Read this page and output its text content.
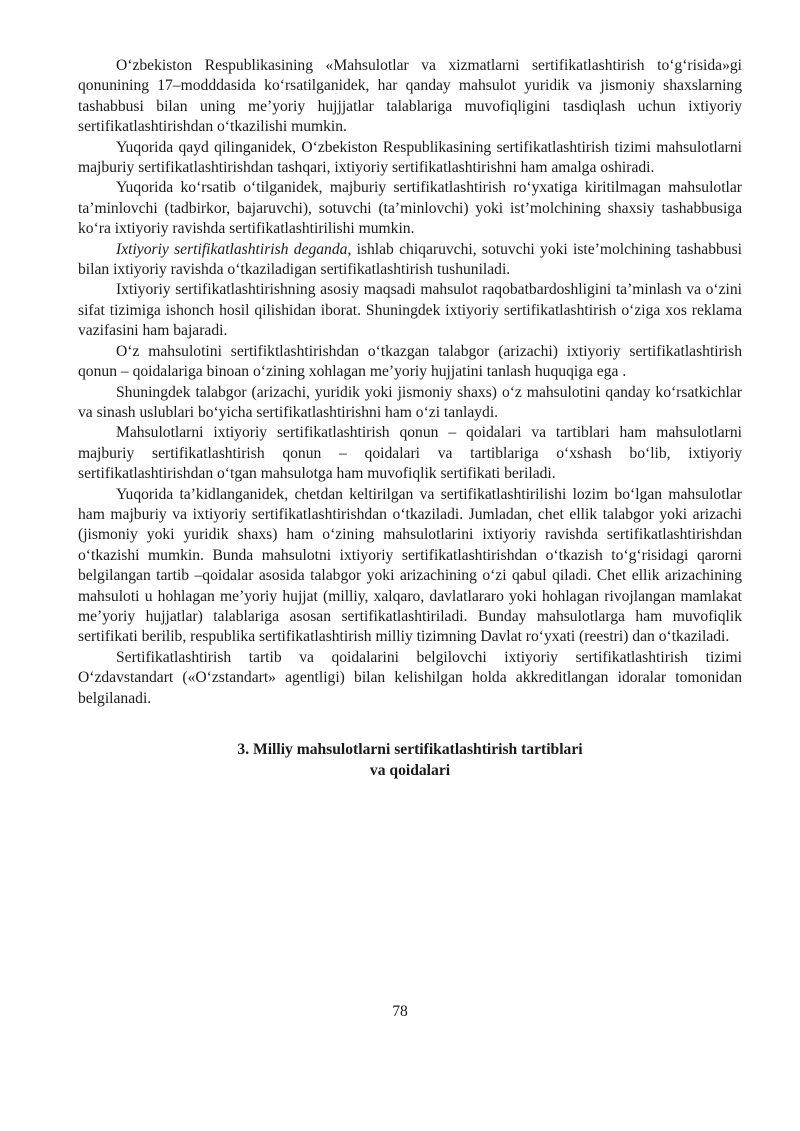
O‘zbekiston Respublikasining «Mahsulotlar va xizmatlarni sertifikatlashtirish to‘g‘risida»gi qonunining 17–modddasida ko‘rsatilganidek, har qanday mahsulot yuridik va jismoniy shaxslarning tashabbusi bilan uning me’yoriy hujjjatlar talablariga muvofiqligini tasdiqlash uchun ixtiyoriy sertifikatlashtirishdan o‘tkazilishi mumkin.

Yuqorida qayd qilinganidek, O‘zbekiston Respublikasining sertifikatlashtirish tizimi mahsulotlarni majburiy sertifikatlashtirishdan tashqari, ixtiyoriy sertifikatlashtirishni ham amalga oshiradi.

Yuqorida ko‘rsatib o‘tilganidek, majburiy sertifikatlashtirish ro‘yxatiga kiritilmagan mahsulotlar ta’minlovchi (tadbirkor, bajaruvchi), sotuvchi (ta’minlovchi) yoki ist’molchining shaxsiy tashabbusiga ko‘ra ixtiyoriy ravishda sertifikatlashtirilishi mumkin.

Ixtiyoriy sertifikatlashtirish deganda, ishlab chiqaruvchi, sotuvchi yoki iste’molchining tashabbusi bilan ixtiyoriy ravishda o‘tkaziladigan sertifikatlashtirish tushuniladi.

Ixtiyoriy sertifikatlashtirishning asosiy maqsadi mahsulot raqobatbardoshligini ta’minlash va o‘zini sifat tizimiga ishonch hosil qilishidan iborat. Shuningdek ixtiyoriy sertifikatlashtirish o‘ziga xos reklama vazifasini ham bajaradi.

O‘z mahsulotini sertifiktlashtirishdan o‘tkazgan talabgor (arizachi) ixtiyoriy sertifikatlashtirish qonun – qoidalariga binoan o‘zining xohlagan me’yoriy hujjatini tanlash huquqiga ega .

Shuningdek talabgor (arizachi, yuridik yoki jismoniy shaxs) o‘z mahsulotini qanday ko‘rsatkichlar va sinash uslublari bo‘yicha sertifikatlashtirishni ham o‘zi tanlaydi.

Mahsulotlarni ixtiyoriy sertifikatlashtirish qonun – qoidalari va tartiblari ham mahsulotlarni majburiy sertifikatlashtirish qonun – qoidalari va tartiblariga o‘xshash bo‘lib, ixtiyoriy sertifikatlashtirishdan o‘tgan mahsulotga ham muvofiqlik sertifikati beriladi.

Yuqorida ta’kidlanganidek, chetdan keltirilgan va sertifikatlashtirilishi lozim bo‘lgan mahsulotlar ham majburiy va ixtiyoriy sertifikatlashtirishdan o‘tkaziladi. Jumladan, chet ellik talabgor yoki arizachi (jismoniy yoki yuridik shaxs) ham o‘zining mahsulotlarini ixtiyoriy ravishda sertifikatlashtirishdan o‘tkazishi mumkin. Bunda mahsulotni ixtiyoriy sertifikatlashtirishdan o‘tkazish to‘g‘risidagi qarorni belgilangan tartib –qoidalar asosida talabgor yoki arizachining o‘zi qabul qiladi. Chet ellik arizachining mahsuloti u hohlagan me’yoriy hujjat (milliy, xalqaro, davlatlararo yoki hohlagan rivojlangan mamlakat me’yoriy hujjatlar) talablariga asosan sertifikatlashtiriladi. Bunday mahsulotlarga ham muvofiqlik sertifikati berilib, respublika sertifikatlashtirish milliy tizimning Davlat ro‘yxati (reestri) dan o‘tkaziladi.

Sertifikatlashtirish tartib va qoidalarini belgilovchi ixtiyoriy sertifikatlashtirish tizimi O‘zdavstandart («O‘zstandart» agentligi) bilan kelishilgan holda akkreditlangan idoralar tomonidan belgilanadi.

3. Milliy mahsulotlarni sertifikatlashtirish tartiblari
va qoidalari
78
